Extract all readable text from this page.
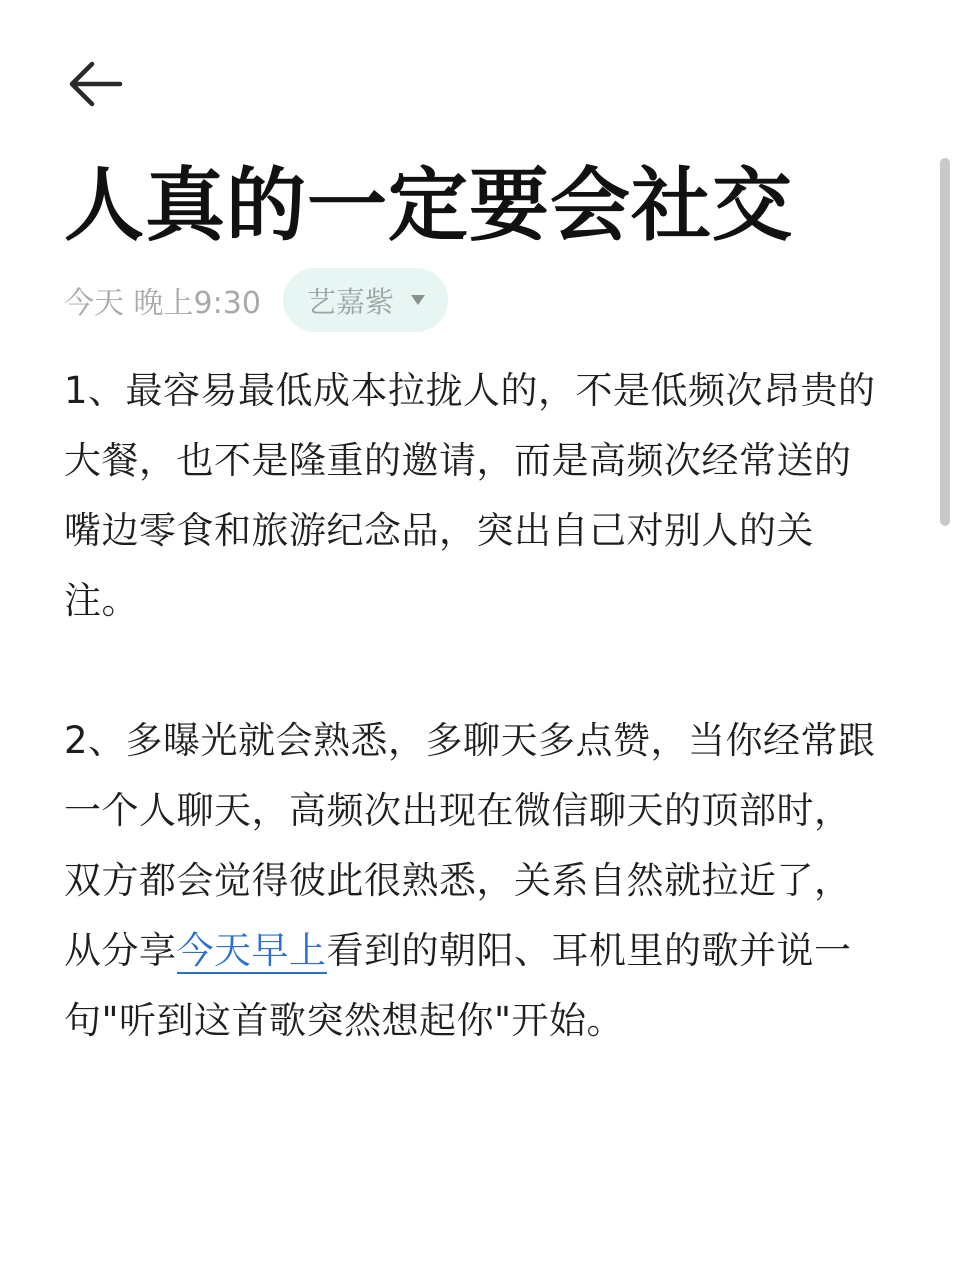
人真的一定要会社交
今天 晚上9:30 艺嘉紫

1、最容易最低成本拉拢人的，不是低频次昂贵的大餐，也不是隆重的邀请，而是高频次经常送的嘴边零食和旅游纪念品，突出自己对别人的关注。

2、多曝光就会熟悉，多聊天多点赞，当你经常跟一个人聊天，高频次出现在微信聊天的顶部时，双方都会觉得彼此很熟悉，关系自然就拉近了，从分享今天早上看到的朝阳、耳机里的歌并说一句"听到这首歌突然想起你"开始。
